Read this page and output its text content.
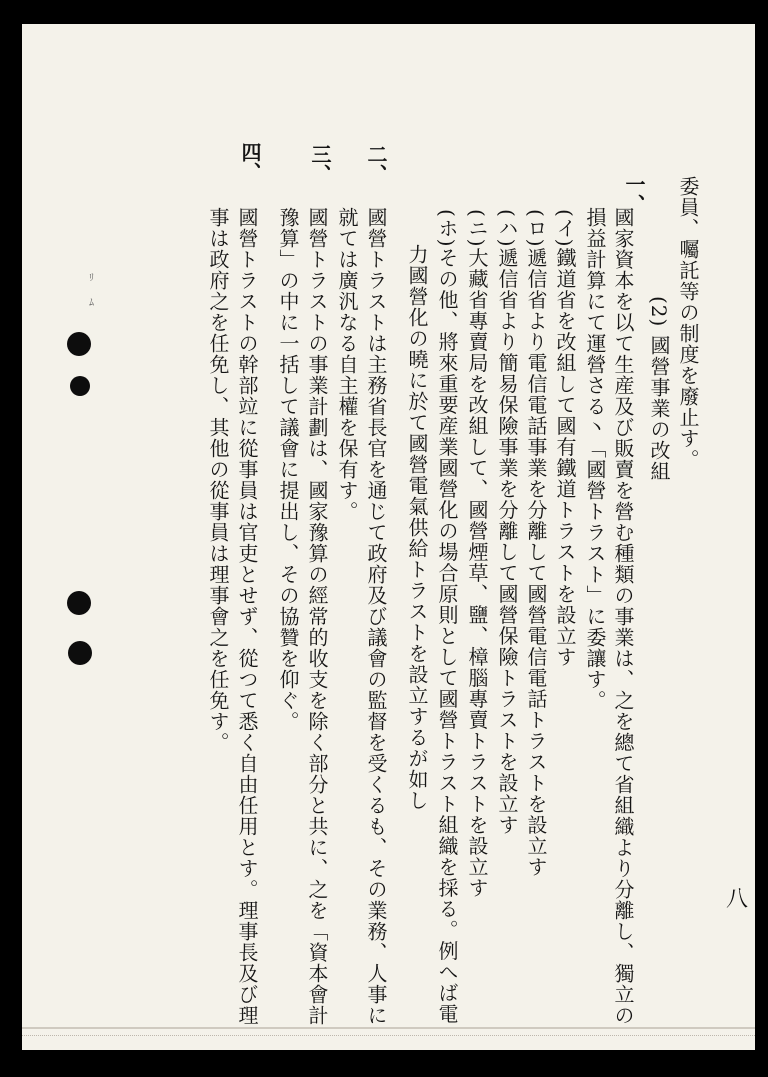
一、
國家資本を以て生産及び販賣を營む種類の事業は、之を總て省組織より分離し、獨立の
損益計算にて運營さる丶「國營トラスト」に委讓す。
(イ)鐵道省を改組して國有鐵道トラストを設立す
(ロ)遞信省より電信電話事業を分離して國營電信電話トラストを設立す
(ハ)遞信省より簡易保險事業を分離して國營保險トラストを設立す
(ニ)大藏省專賣局を改組して、國營煙草、鹽、樟腦專賣トラストを設立す
(ホ)その他、將來重要産業國營化の場合原則として國營トラスト組織を採る。例へば電
力國營化の曉に於て國營電氣供給トラストを設立するが如し
二、
國營トラストは主務省長官を通じて政府及び議會の監督を受くるも、その業務、人事に
就ては廣汎なる自主權を保有す。
三、
國營トラストの事業計劃は、國家豫算の經常的收支を除く部分と共に、之を「資本會計
豫算」の中に一括して議會に提出し、その協贊を仰ぐ。
四、
國營トラストの幹部竝に從事員は官吏とせず、從つて悉く自由任用とす。理事長及び理
事は政府之を任免し、其他の從事員は理事會之を任免す。	委員、囑託等の制度を廢止す。
(2) 國營事業の改組
八
ﾘ
ﾑ
